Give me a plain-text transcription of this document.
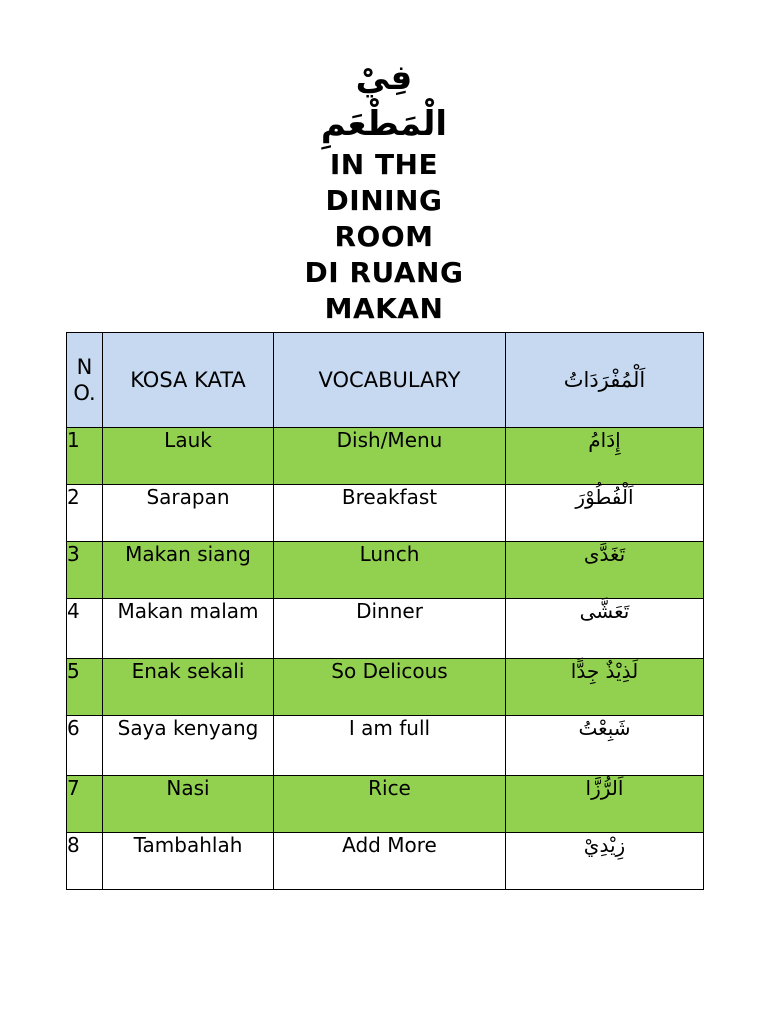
فِيْ
الْمَطْعَمِ
IN THE
DINING
ROOM
DI RUANG
MAKAN
NO.	KOSA KATA	VOCABULARY	اَلْمُفْرَدَاتُ
1	Lauk	Dish/Menu	إِدَامُ
2	Sarapan	Breakfast	اَلْفُطُوْرَ
3	Makan siang	Lunch	تَغَدَّى
4	Makan malam	Dinner	تَعَشَّى
5	Enak sekali	So Delicous	لَذِيْذٌ جِدًّا
6	Saya kenyang	I am full	شَبِعْتُ
7	Nasi	Rice	اَلرُّزَّا
8	Tambahlah	Add More	زِيْدِيْ
